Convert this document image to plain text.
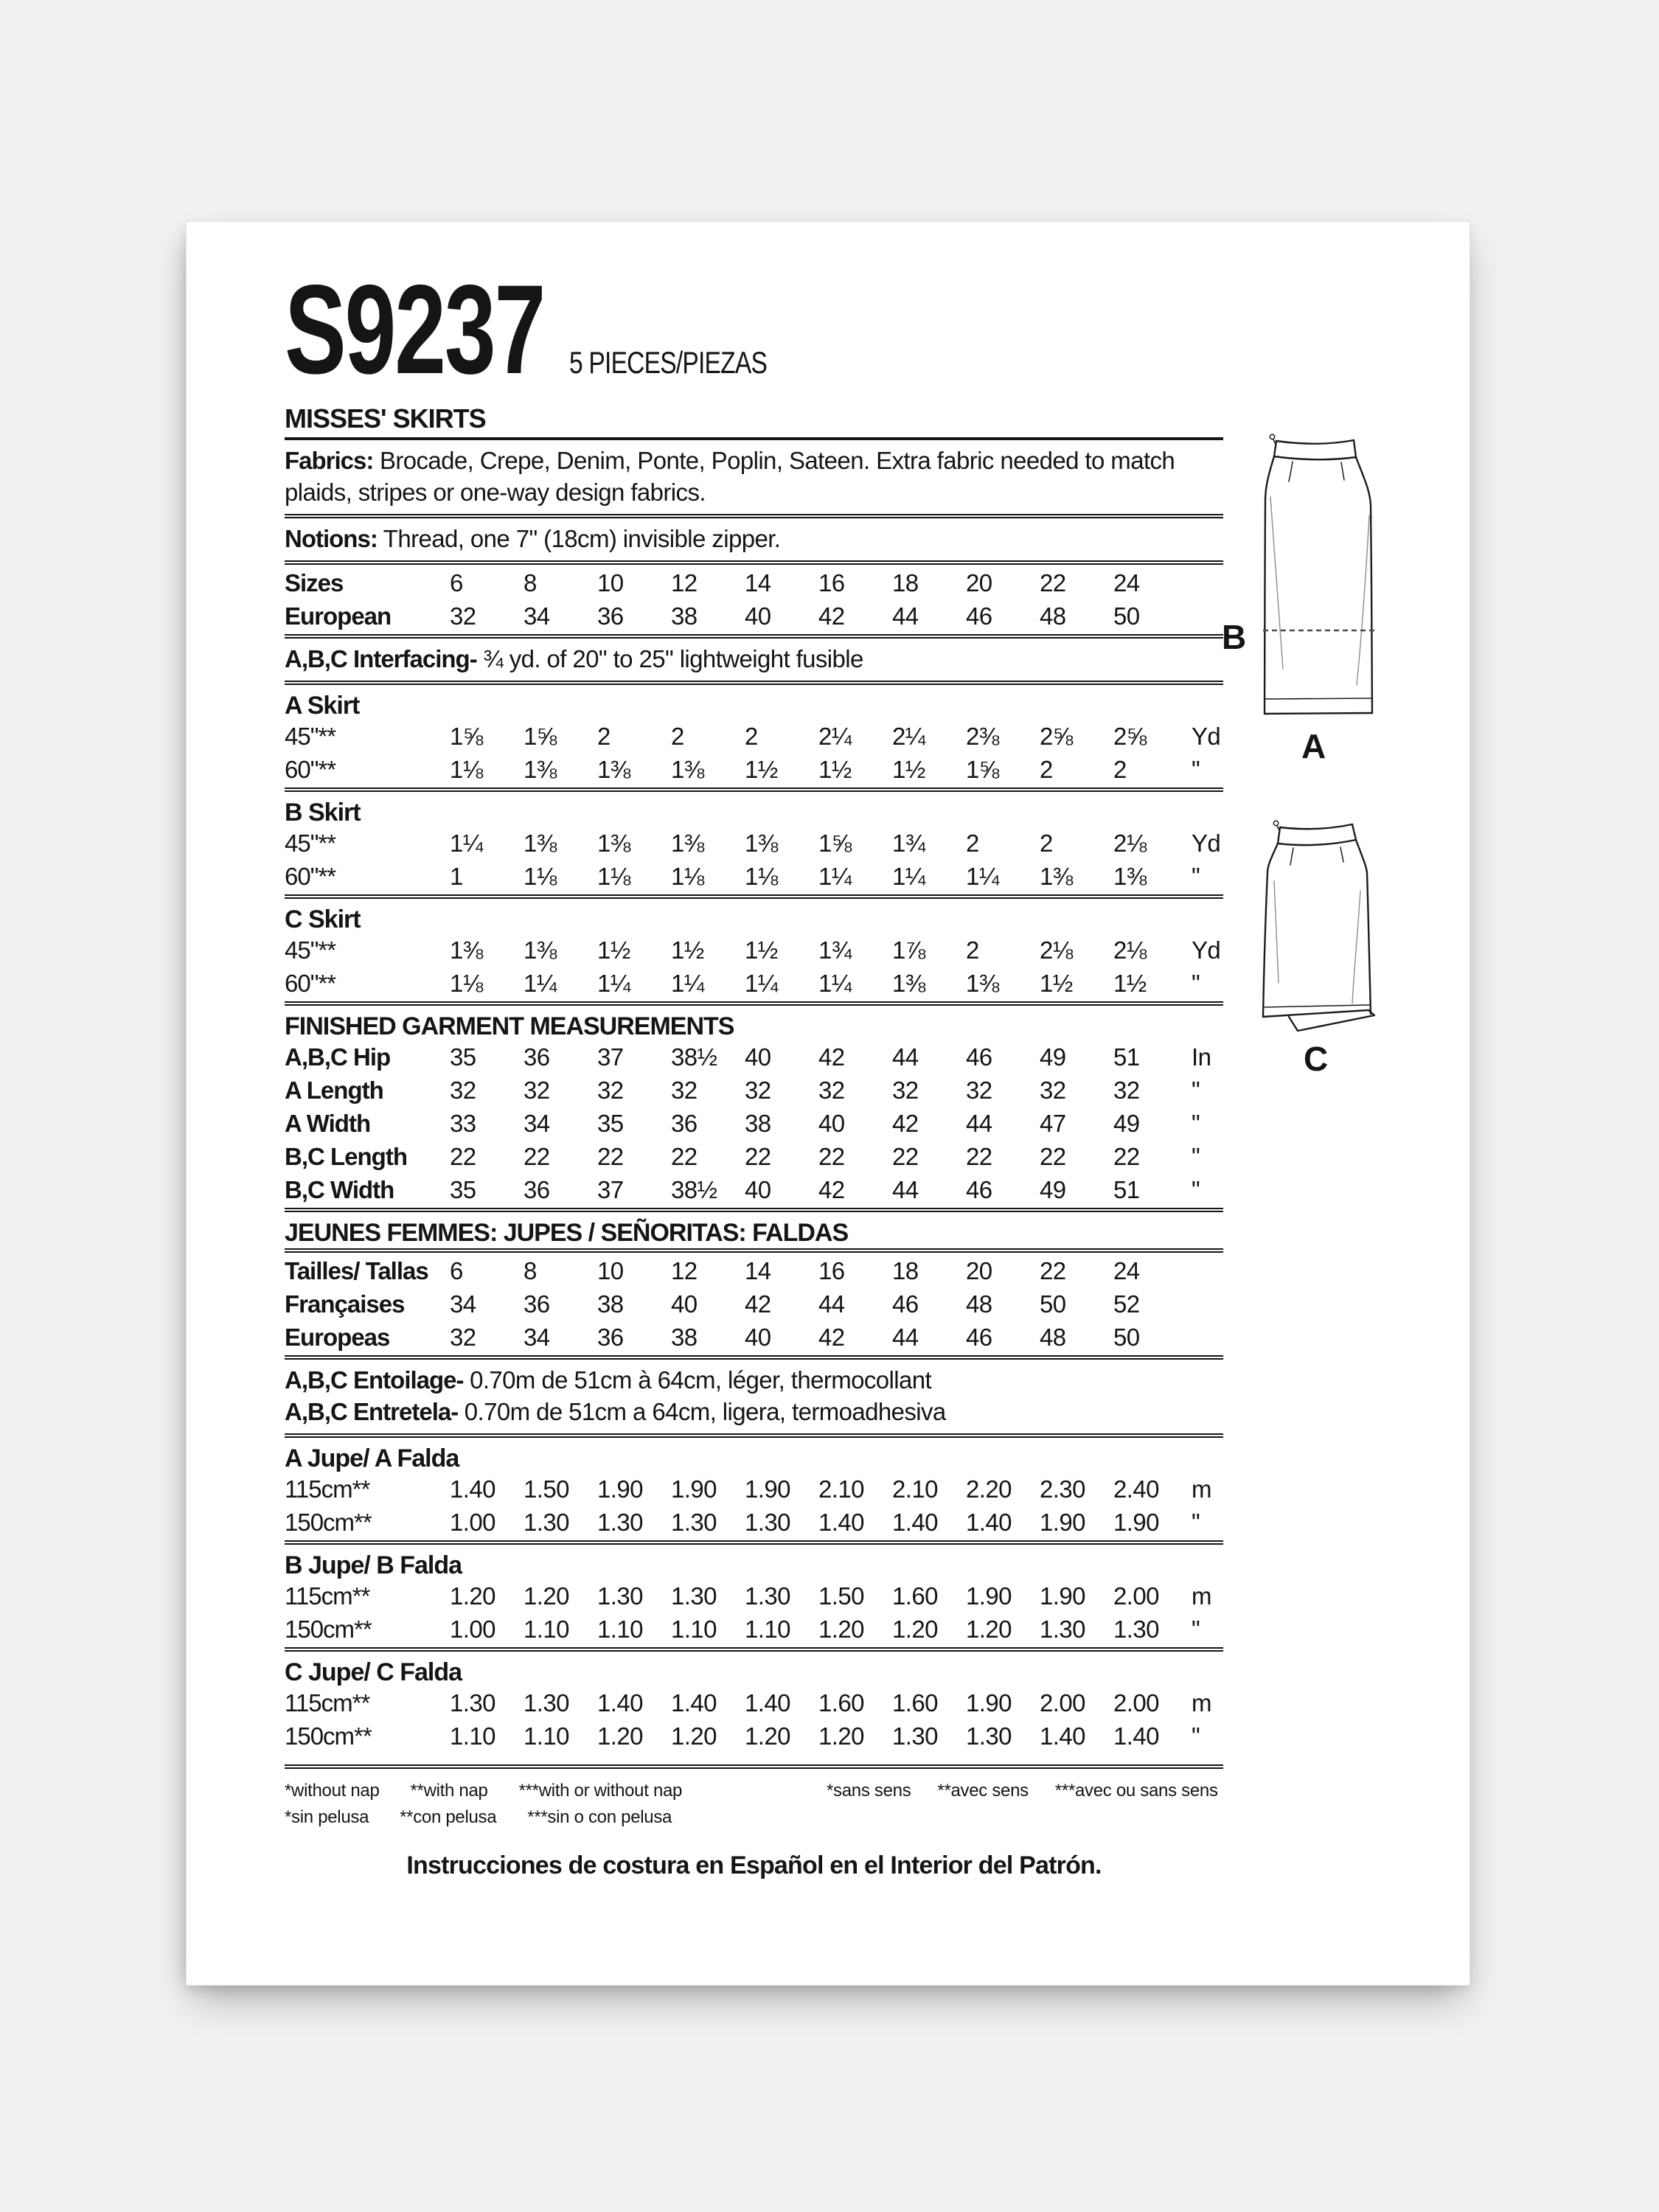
S9237 5 PIECES/PIEZAS
MISSES' SKIRTS
Fabrics: Brocade, Crepe, Denim, Ponte, Poplin, Sateen. Extra fabric needed to match plaids, stripes or one-way design fabrics.
Notions: Thread, one 7" (18cm) invisible zipper.
Sizes	6	8	10	12	14	16	18	20	22	24
European	32	34	36	38	40	42	44	46	48	50
A,B,C Interfacing- ¾ yd. of 20" to 25" lightweight fusible
A Skirt
45"**	1⅝	1⅝	2	2	2	2¼	2¼	2⅜	2⅝	2⅝	Yd
60"**	1⅛	1⅜	1⅜	1⅜	1½	1½	1½	1⅝	2	2	"
B Skirt
45"**	1¼	1⅜	1⅜	1⅜	1⅜	1⅝	1¾	2	2	2⅛	Yd
60"**	1	1⅛	1⅛	1⅛	1⅛	1¼	1¼	1¼	1⅜	1⅜	"
C Skirt
45"**	1⅜	1⅜	1½	1½	1½	1¾	1⅞	2	2⅛	2⅛	Yd
60"**	1⅛	1¼	1¼	1¼	1¼	1¼	1⅜	1⅜	1½	1½	"
FINISHED GARMENT MEASUREMENTS
A,B,C Hip	35	36	37	38½	40	42	44	46	49	51	In
A Length	32	32	32	32	32	32	32	32	32	32	"
A Width	33	34	35	36	38	40	42	44	47	49	"
B,C Length	22	22	22	22	22	22	22	22	22	22	"
B,C Width	35	36	37	38½	40	42	44	46	49	51	"
JEUNES FEMMES: JUPES / SEÑORITAS: FALDAS
Tailles/ Tallas 6	8	10	12	14	16	18	20	22	24
Françaises	34	36	38	40	42	44	46	48	50	52
Europeas	32	34	36	38	40	42	44	46	48	50
A,B,C Entoilage- 0.70m de 51cm à 64cm, léger, thermocollant
A,B,C Entretela- 0.70m de 51cm a 64cm, ligera, termoadhesiva
A Jupe/ A Falda
115cm**	1.40	1.50	1.90	1.90	1.90	2.10	2.10	2.20	2.30	2.40	m
150cm**	1.00	1.30	1.30	1.30	1.30	1.40	1.40	1.40	1.90	1.90	"
B Jupe/ B Falda
115cm**	1.20	1.20	1.30	1.30	1.30	1.50	1.60	1.90	1.90	2.00	m
150cm**	1.00	1.10	1.10	1.10	1.10	1.20	1.20	1.20	1.30	1.30	"
C Jupe/ C Falda
115cm**	1.30	1.30	1.40	1.40	1.40	1.60	1.60	1.90	2.00	2.00	m
150cm**	1.10	1.10	1.20	1.20	1.20	1.20	1.30	1.30	1.40	1.40	"
*without nap **with nap ***with or without nap	*sans sens **avec sens ***avec ou sans sens
*sin pelusa **con pelusa ***sin o con pelusa
Instrucciones de costura en Español en el Interior del Patrón.
B
A
C
